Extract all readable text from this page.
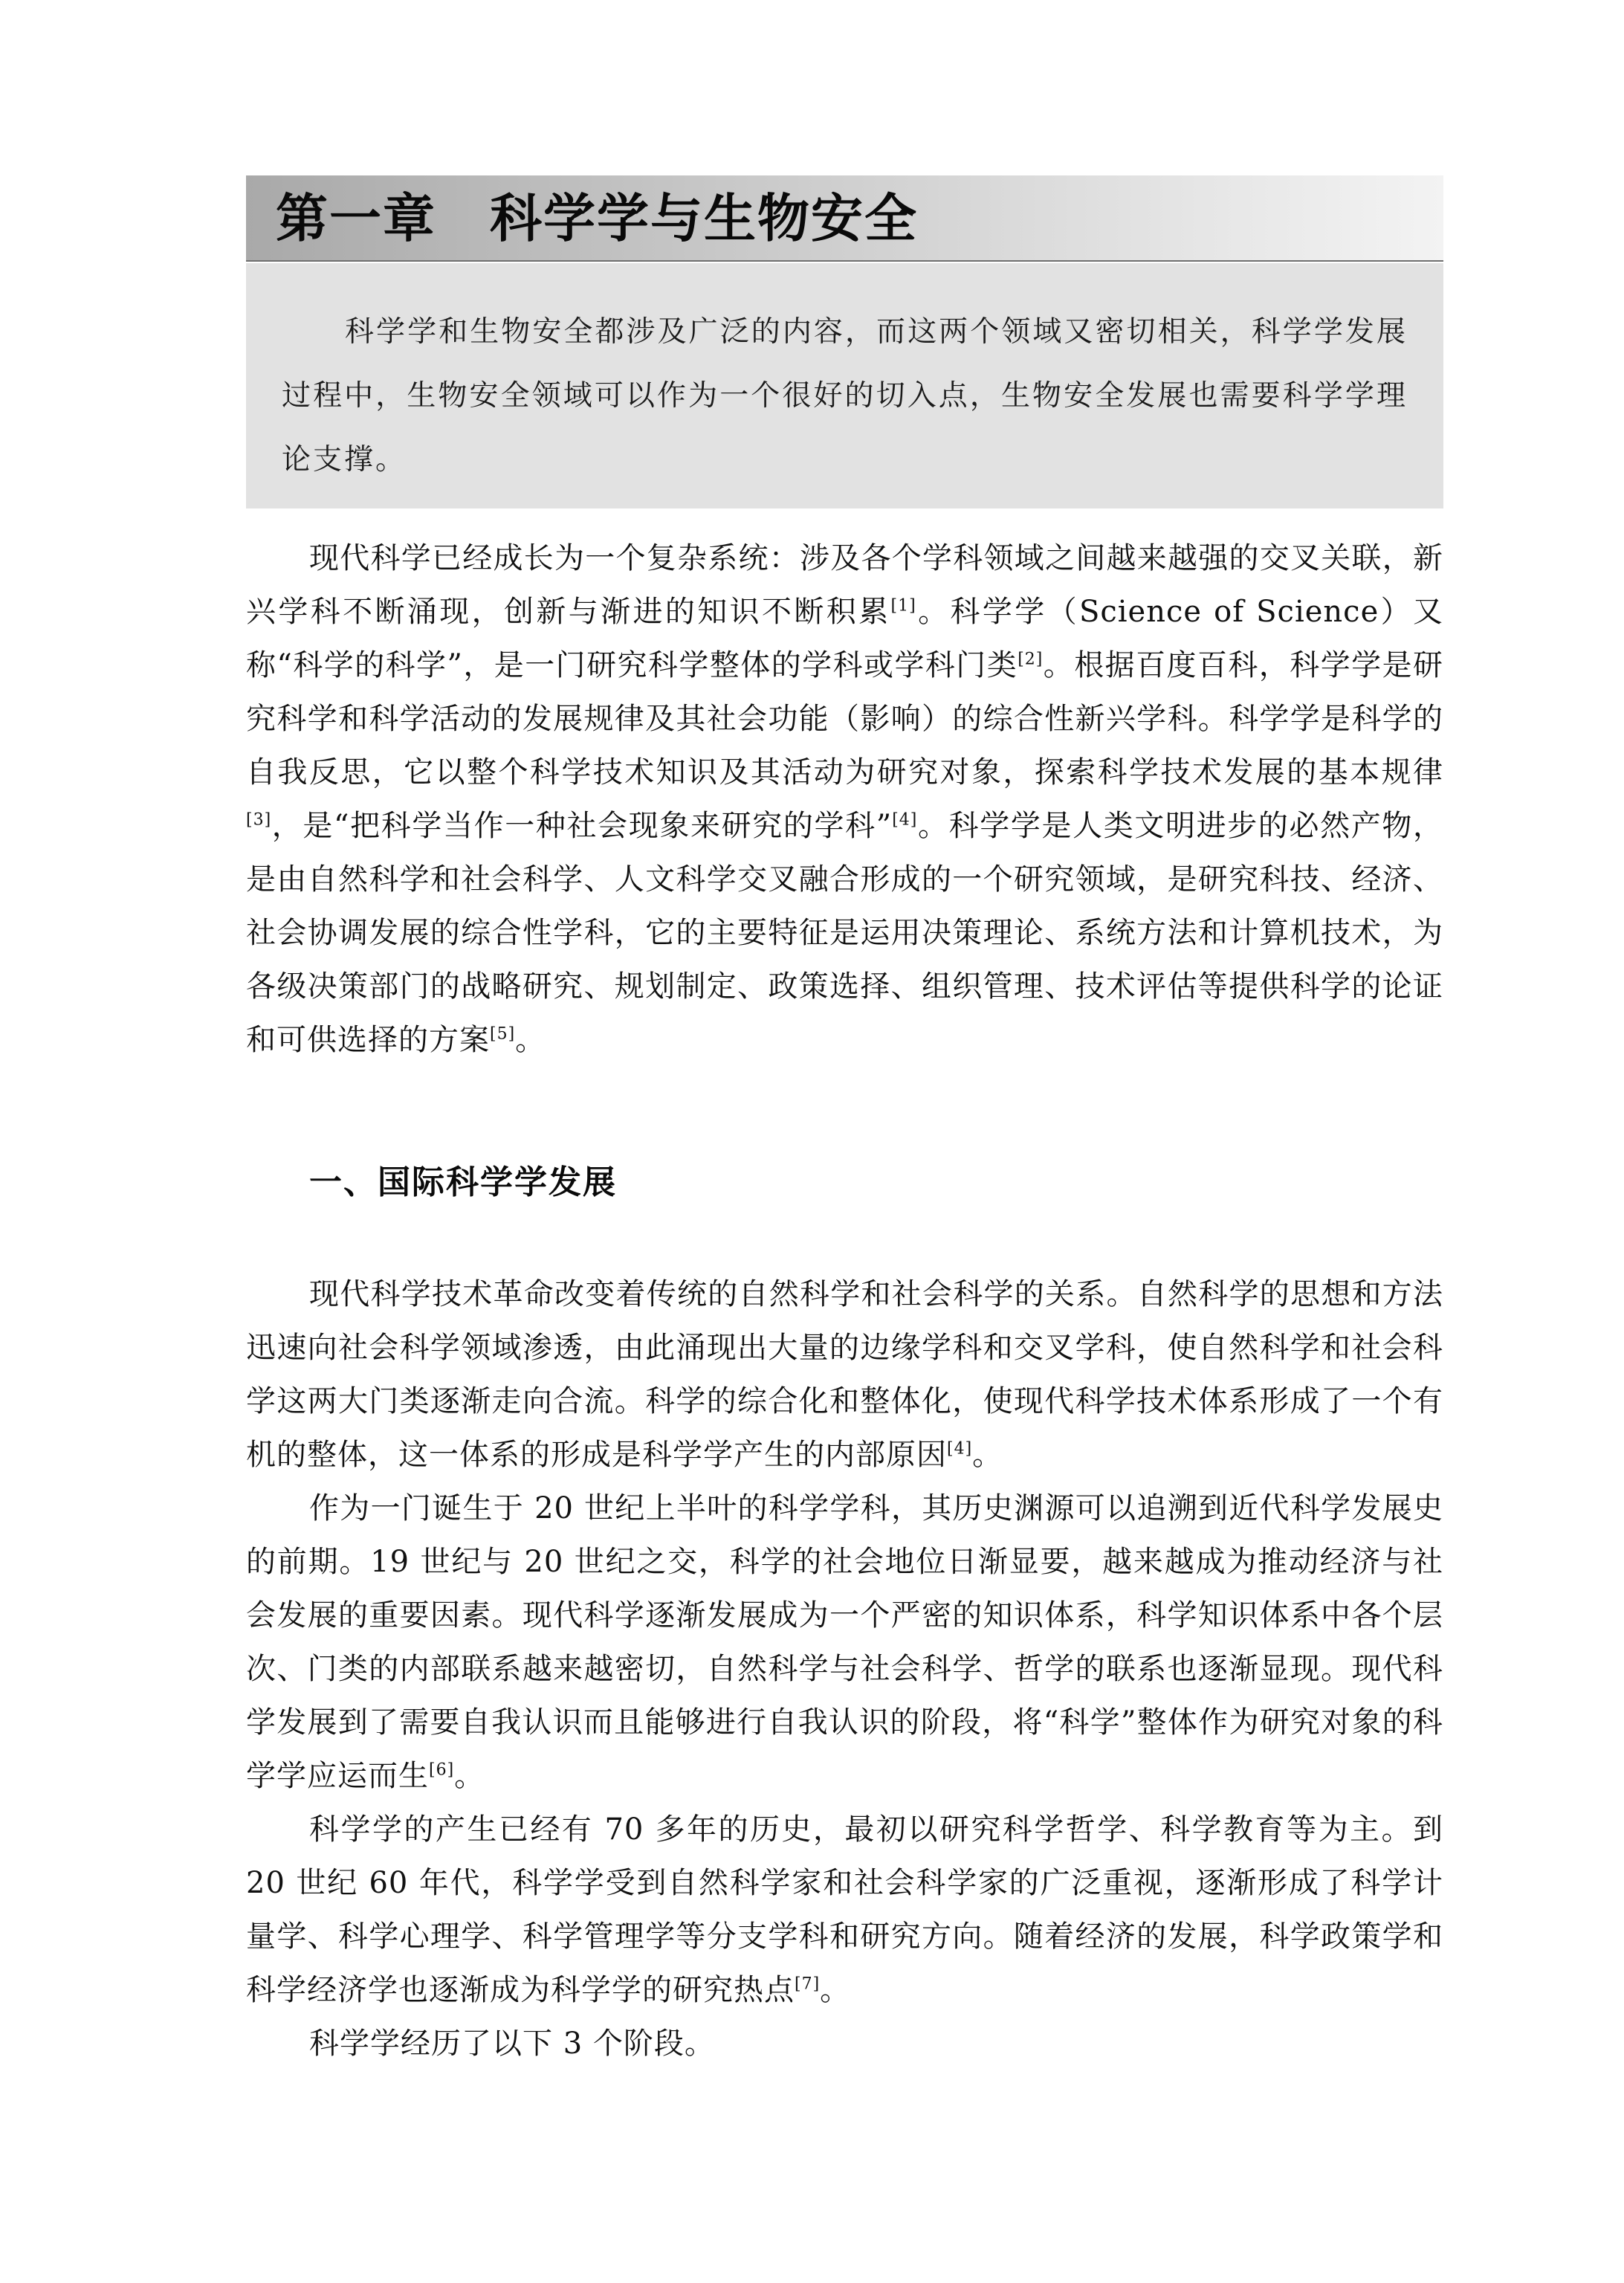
第一章　科学学与生物安全

科学学和生物安全都涉及广泛的内容，而这两个领域又密切相关，科学学发展过程中，生物安全领域可以作为一个很好的切入点，生物安全发展也需要科学学理论支撑。

现代科学已经成长为一个复杂系统：涉及各个学科领域之间越来越强的交叉关联，新兴学科不断涌现，创新与渐进的知识不断积累[1]。科学学（Science of Science）又称“科学的科学”，是一门研究科学整体的学科或学科门类[2]。根据百度百科，科学学是研究科学和科学活动的发展规律及其社会功能（影响）的综合性新兴学科。科学学是科学的自我反思，它以整个科学技术知识及其活动为研究对象，探索科学技术发展的基本规律[3]，是“把科学当作一种社会现象来研究的学科”[4]。科学学是人类文明进步的必然产物，是由自然科学和社会科学、人文科学交叉融合形成的一个研究领域，是研究科技、经济、社会协调发展的综合性学科，它的主要特征是运用决策理论、系统方法和计算机技术，为各级决策部门的战略研究、规划制定、政策选择、组织管理、技术评估等提供科学的论证和可供选择的方案[5]。

一、国际科学学发展

现代科学技术革命改变着传统的自然科学和社会科学的关系。自然科学的思想和方法迅速向社会科学领域渗透，由此涌现出大量的边缘学科和交叉学科，使自然科学和社会科学这两大门类逐渐走向合流。科学的综合化和整体化，使现代科学技术体系形成了一个有机的整体，这一体系的形成是科学学产生的内部原因[4]。

作为一门诞生于 20 世纪上半叶的科学学科，其历史渊源可以追溯到近代科学发展史的前期。19 世纪与 20 世纪之交，科学的社会地位日渐显要，越来越成为推动经济与社会发展的重要因素。现代科学逐渐发展成为一个严密的知识体系，科学知识体系中各个层次、门类的内部联系越来越密切，自然科学与社会科学、哲学的联系也逐渐显现。现代科学发展到了需要自我认识而且能够进行自我认识的阶段，将“科学”整体作为研究对象的科学学应运而生[6]。

科学学的产生已经有 70 多年的历史，最初以研究科学哲学、科学教育等为主。到 20 世纪 60 年代，科学学受到自然科学家和社会科学家的广泛重视，逐渐形成了科学计量学、科学心理学、科学管理学等分支学科和研究方向。随着经济的发展，科学政策学和科学经济学也逐渐成为科学学的研究热点[7]。

科学学经历了以下 3 个阶段。
